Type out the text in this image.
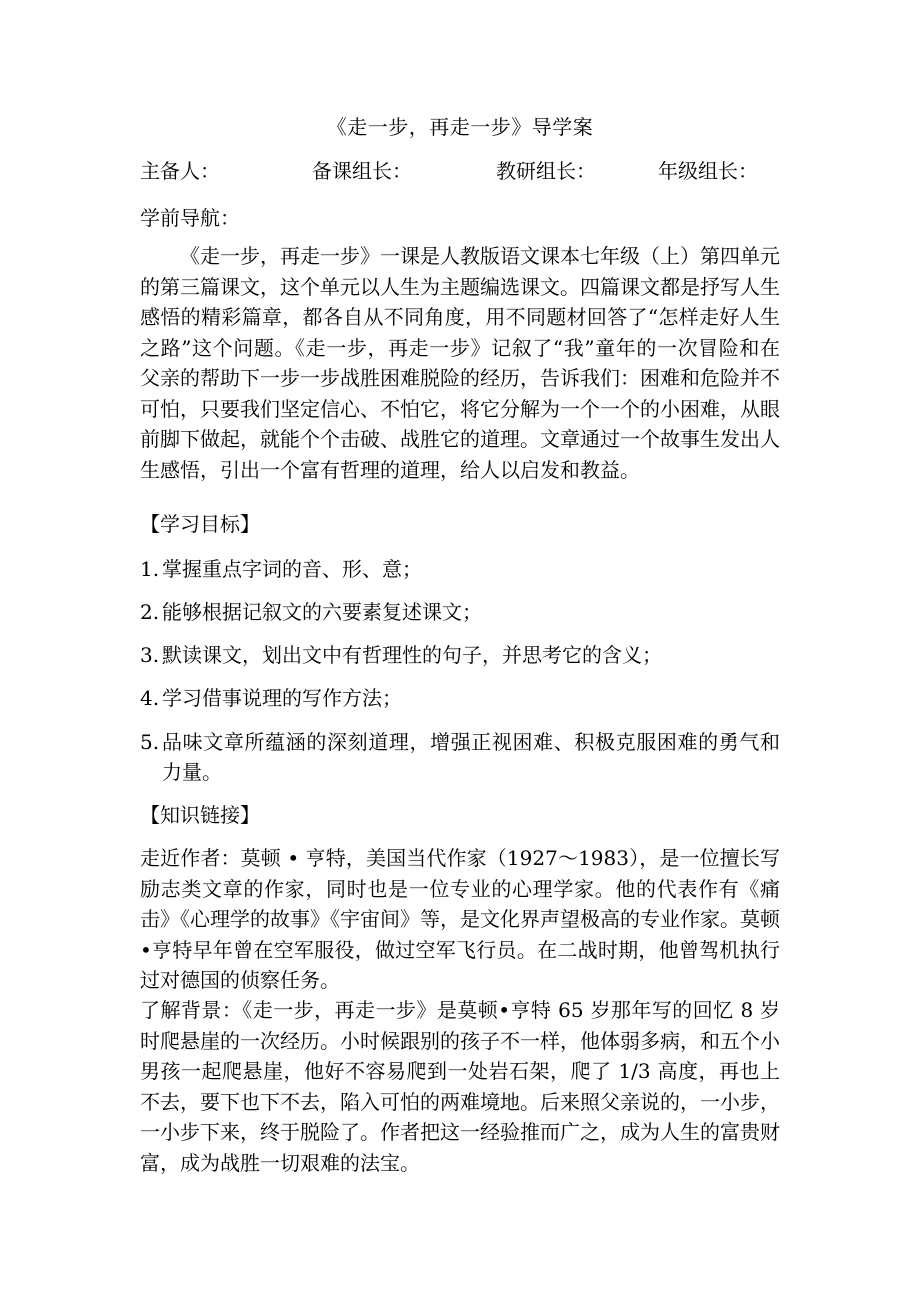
《走一步，再走一步》导学案
主备人：	备课组长：	教研组长：	年级组长：
学前导航：
《走一步，再走一步》一课是人教版语文课本七年级（上）第四单元的第三篇课文，这个单元以人生为主题编选课文。四篇课文都是抒写人生感悟的精彩篇章，都各自从不同角度，用不同题材回答了“怎样走好人生之路”这个问题。《走一步，再走一步》记叙了“我”童年的一次冒险和在父亲的帮助下一步一步战胜困难脱险的经历，告诉我们：困难和危险并不可怕，只要我们坚定信心、不怕它，将它分解为一个一个的小困难，从眼前脚下做起，就能个个击破、战胜它的道理。文章通过一个故事生发出人生感悟，引出一个富有哲理的道理，给人以启发和教益。
【学习目标】
1. 掌握重点字词的音、形、意；
2. 能够根据记叙文的六要素复述课文；
3. 默读课文，划出文中有哲理性的句子，并思考它的含义；
4. 学习借事说理的写作方法；
5. 品味文章所蕴涵的深刻道理，增强正视困难、积极克服困难的勇气和力量。
【知识链接】
走近作者：莫顿 • 亨特，美国当代作家（1927～1983），是一位擅长写励志类文章的作家，同时也是一位专业的心理学家。他的代表作有《痛击》《心理学的故事》《宇宙间》等，是文化界声望极高的专业作家。莫顿•亨特早年曾在空军服役，做过空军飞行员。在二战时期，他曾驾机执行过对德国的侦察任务。
了解背景：《走一步，再走一步》是莫顿•亨特 65 岁那年写的回忆 8 岁时爬悬崖的一次经历。小时候跟别的孩子不一样，他体弱多病，和五个小男孩一起爬悬崖，他好不容易爬到一处岩石架，爬了 1/3 高度，再也上不去，要下也下不去，陷入可怕的两难境地。后来照父亲说的，一小步，一小步下来，终于脱险了。作者把这一经验推而广之，成为人生的富贵财富，成为战胜一切艰难的法宝。
